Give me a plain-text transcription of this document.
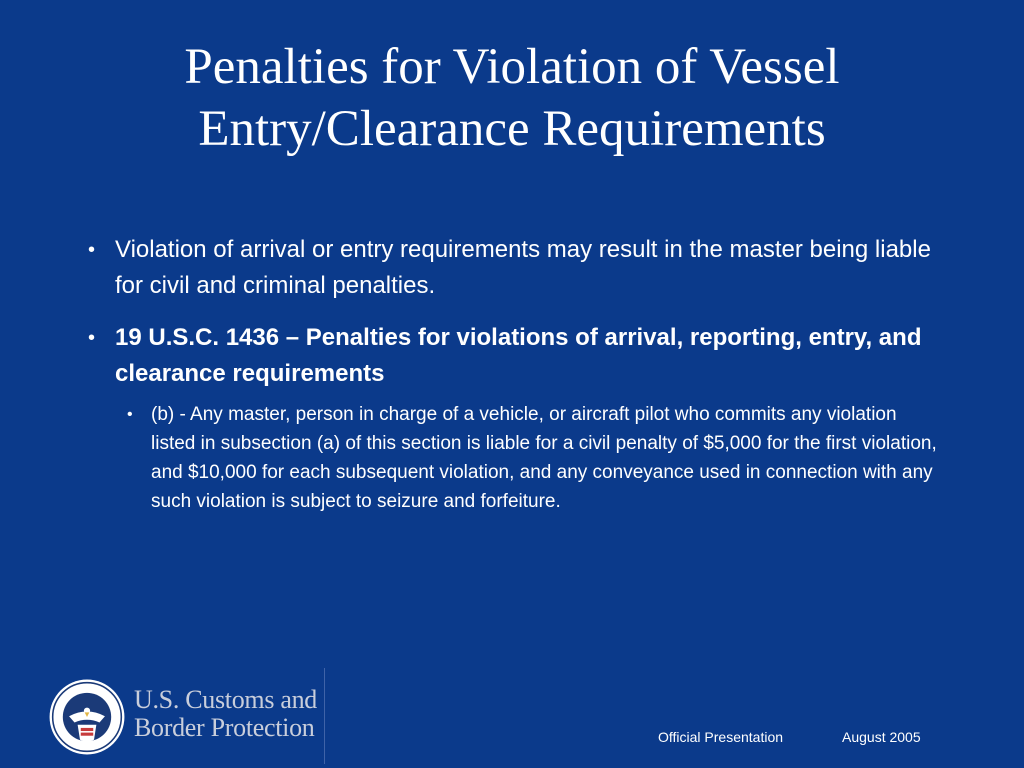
Penalties for Violation of Vessel
Entry/Clearance Requirements
• Violation of arrival or entry requirements may result in the master being liable for civil and criminal penalties.
• 19 U.S.C. 1436 – Penalties for violations of arrival, reporting, entry, and clearance requirements
• (b) - Any master, person in charge of a vehicle, or aircraft pilot who commits any violation listed in subsection (a) of this section is liable for a civil penalty of $5,000 for the first violation, and $10,000 for each subsequent violation, and any conveyance used in connection with any such violation is subject to seizure and forfeiture.
U.S. Customs and
Border Protection	Official Presentation	August 2005
